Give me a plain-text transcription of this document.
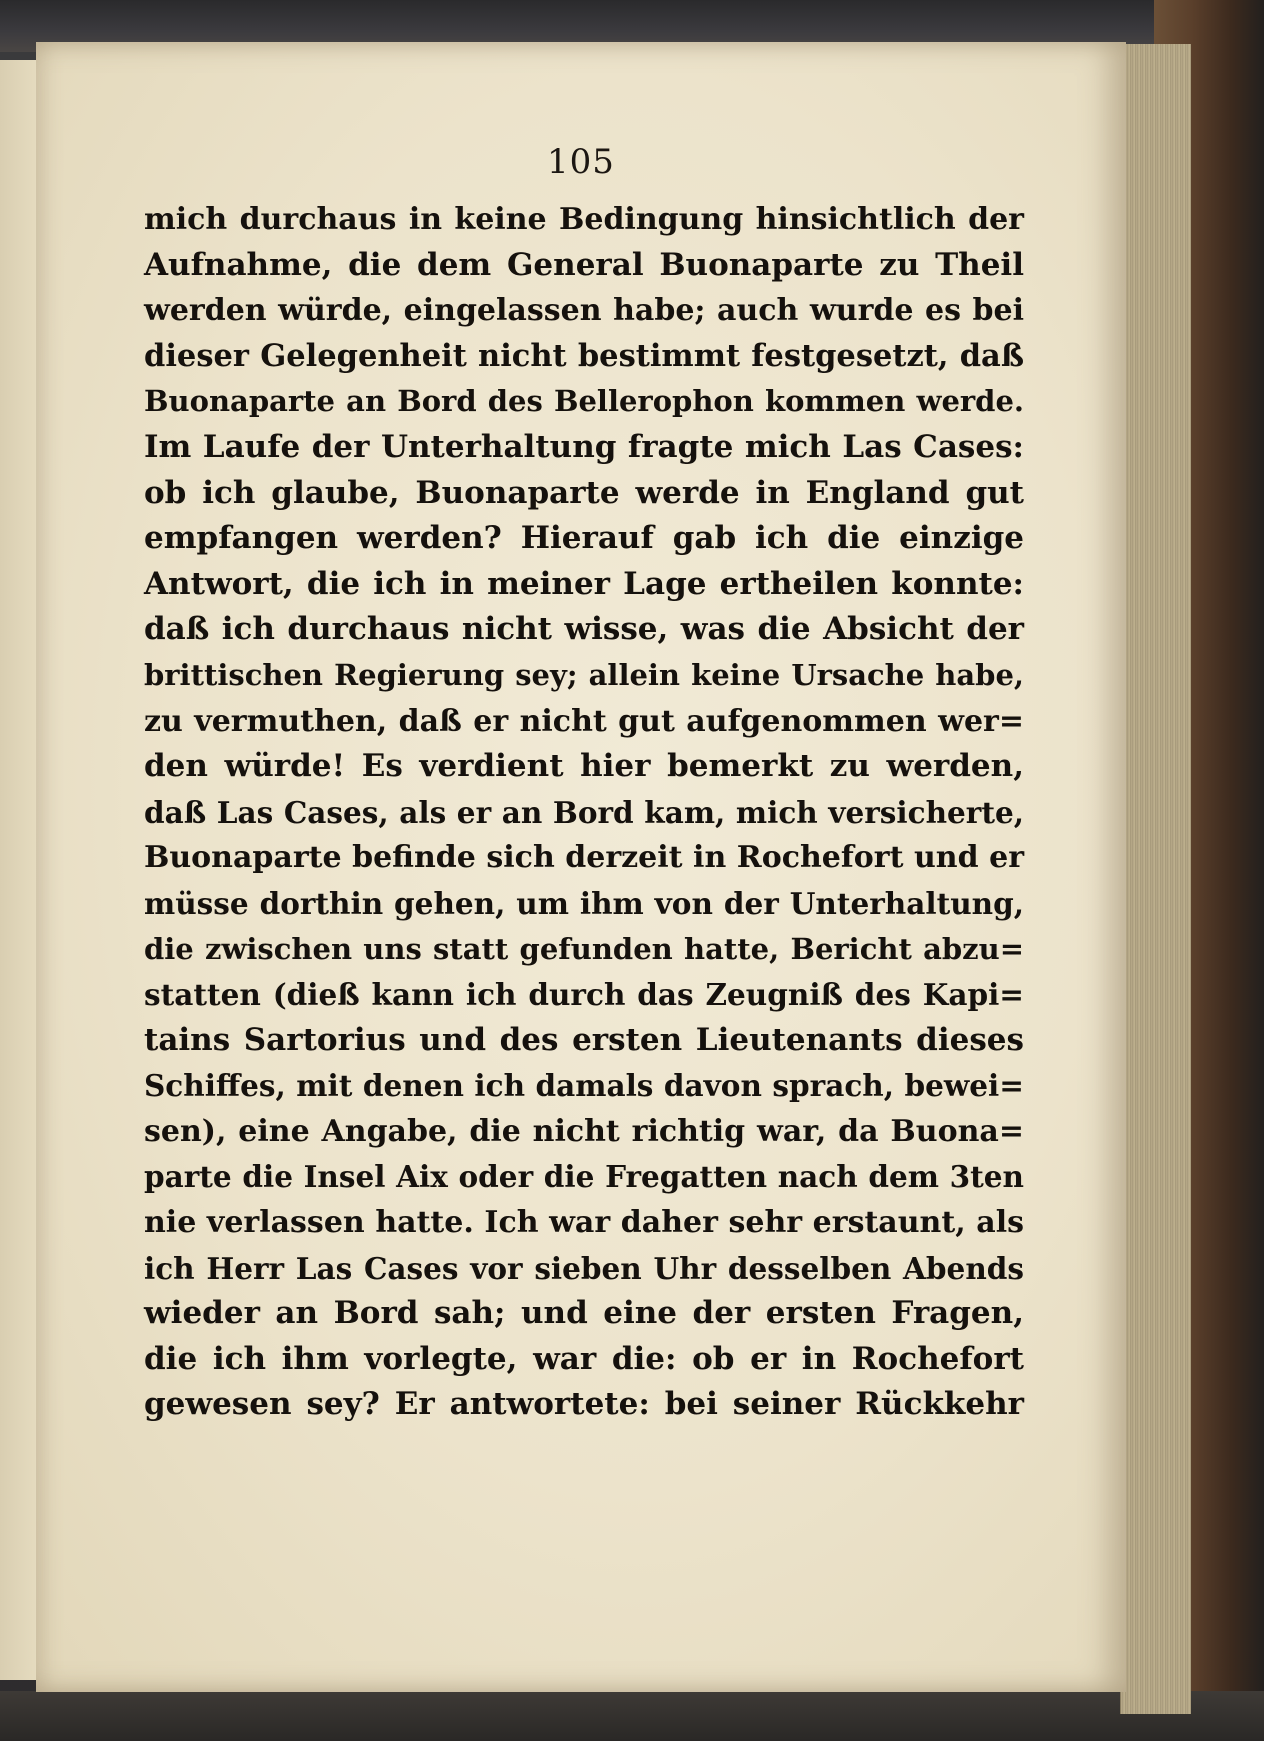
105
mich durchaus in keine Bedingung hinsichtlich der
Aufnahme, die dem General Buonaparte zu Theil
werden würde, eingelassen habe; auch wurde es bei
dieser Gelegenheit nicht bestimmt festgesetzt, daß
Buonaparte an Bord des Bellerophon kommen werde.
Im Laufe der Unterhaltung fragte mich Las Cases:
ob ich glaube, Buonaparte werde in England gut
empfangen werden? Hierauf gab ich die einzige
Antwort, die ich in meiner Lage ertheilen konnte:
daß ich durchaus nicht wisse, was die Absicht der
brittischen Regierung sey; allein keine Ursache habe,
zu vermuthen, daß er nicht gut aufgenommen wer=
den würde! Es verdient hier bemerkt zu werden,
daß Las Cases, als er an Bord kam, mich versicherte,
Buonaparte befinde sich derzeit in Rochefort und er
müsse dorthin gehen, um ihm von der Unterhaltung,
die zwischen uns statt gefunden hatte, Bericht abzu=
statten (dieß kann ich durch das Zeugniß des Kapi=
tains Sartorius und des ersten Lieutenants dieses
Schiffes, mit denen ich damals davon sprach, bewei=
sen), eine Angabe, die nicht richtig war, da Buona=
parte die Insel Aix oder die Fregatten nach dem 3ten
nie verlassen hatte. Ich war daher sehr erstaunt, als
ich Herr Las Cases vor sieben Uhr desselben Abends
wieder an Bord sah; und eine der ersten Fragen,
die ich ihm vorlegte, war die: ob er in Rochefort
gewesen sey? Er antwortete: bei seiner Rückkehr
